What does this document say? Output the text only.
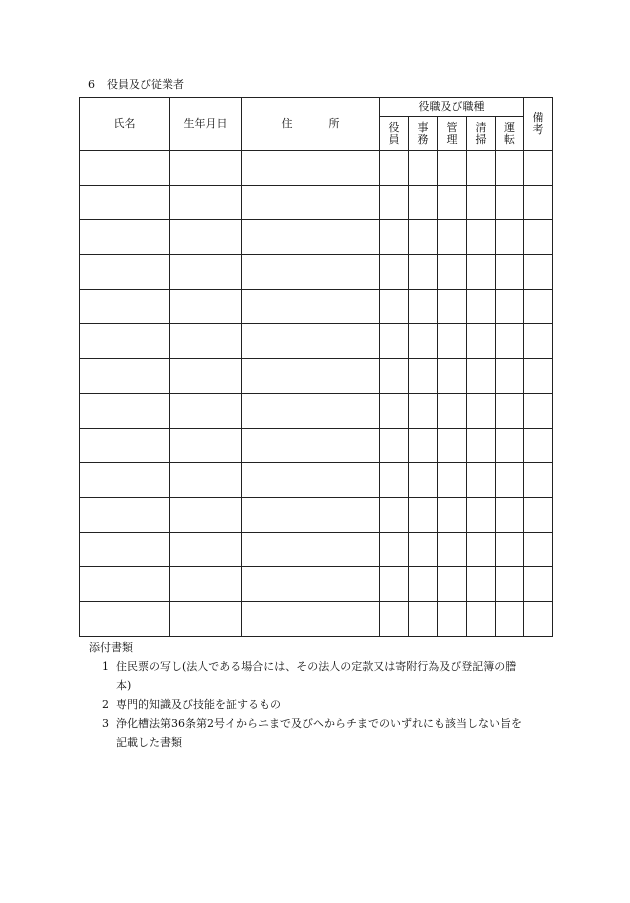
6 役員及び従業者
氏名	生年月日	住 所	役職及び職種					備考
			役員	事務	管理	清掃	運転	

添付書類
1 住民票の写し(法人である場合には、その法人の定款又は寄附行為及び登記簿の謄
本)
2 専門的知識及び技能を証するもの
3 浄化槽法第36条第2号イからニまで及びヘからチまでのいずれにも該当しない旨を
記載した書類
